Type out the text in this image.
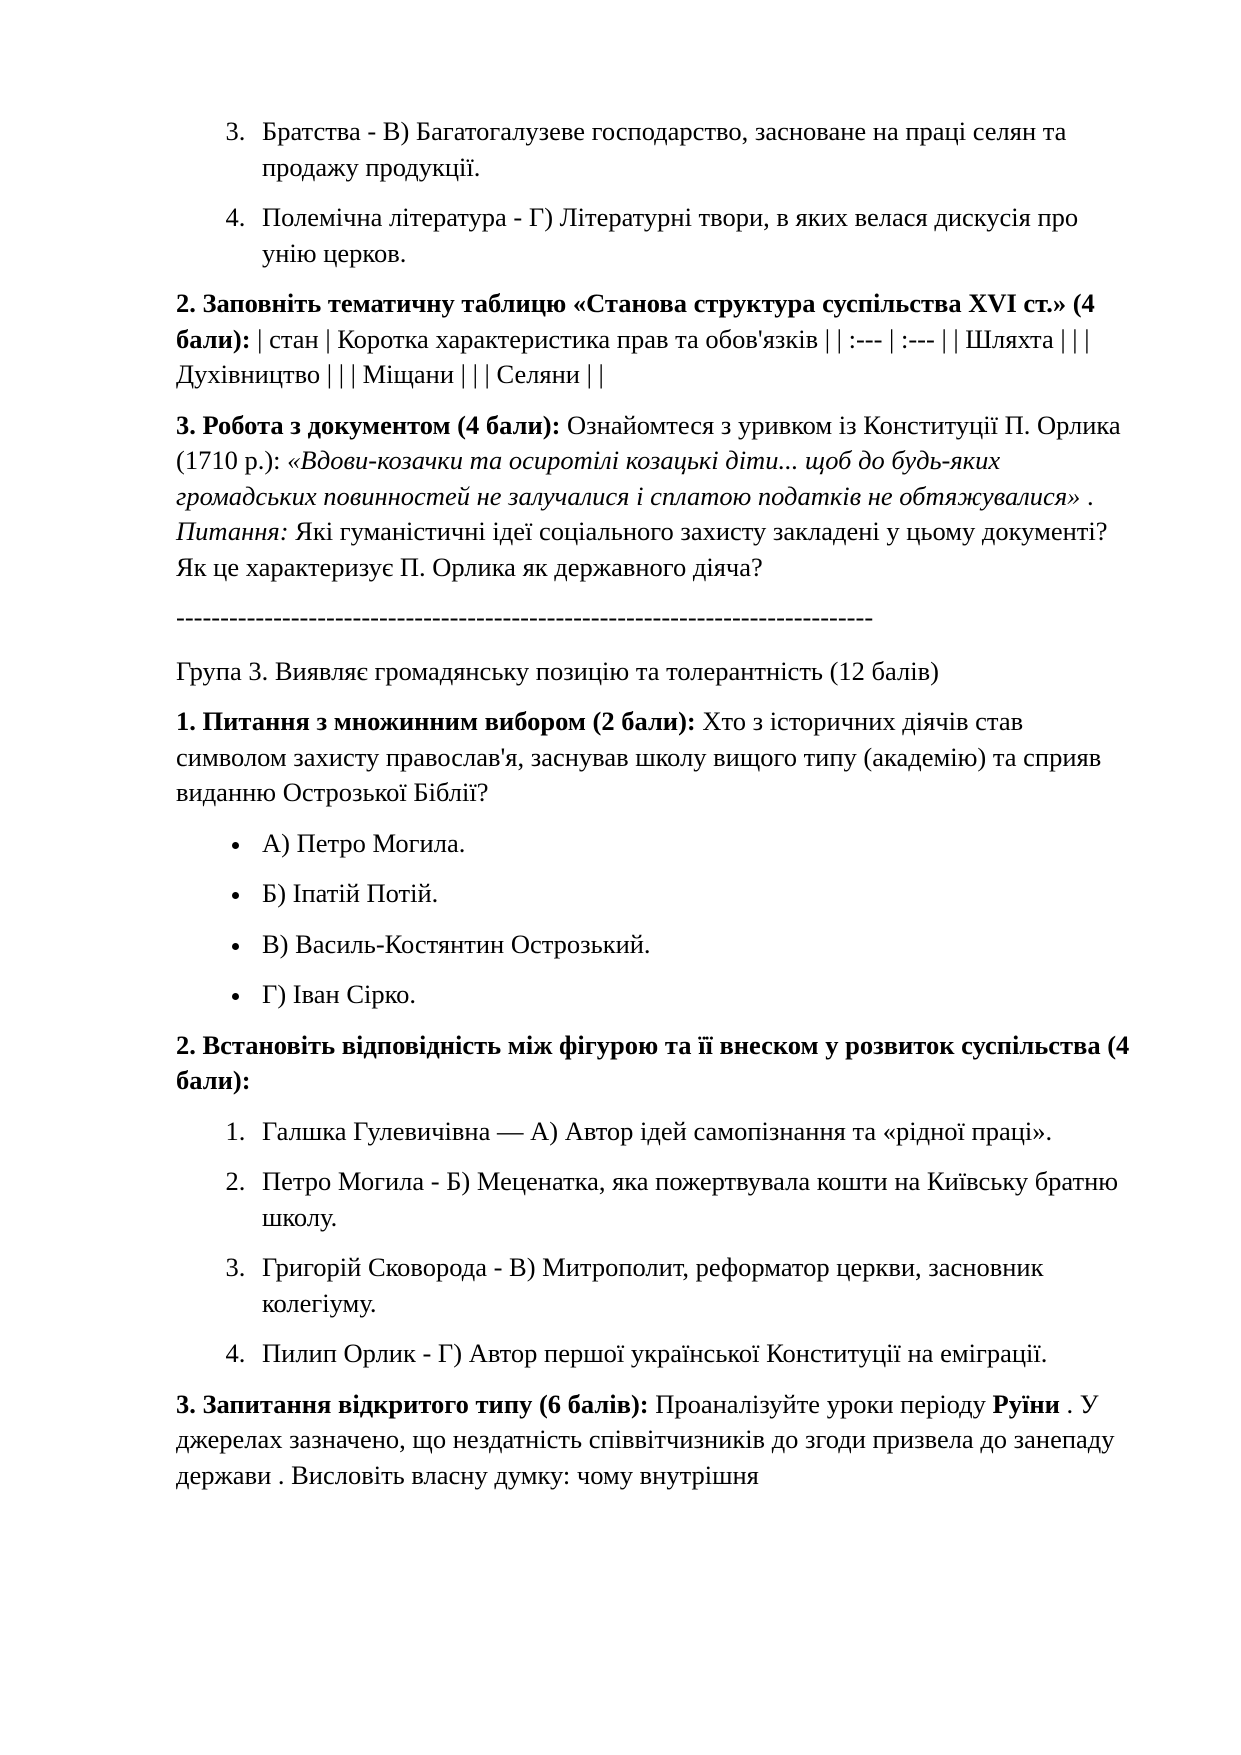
3. Братства - В) Багатогалузеве господарство, засноване на праці селян та продажу продукції.
4. Полемічна література - Г) Літературні твори, в яких велася дискусія про унію церков.

2. Заповніть тематичну таблицю «Станова структура суспільства XVI ст.» (4 бали): | стан | Коротка характеристика прав та обов'язків | | :--- | :--- | | Шляхта | | | Духівництво | | | Міщани | | | Селяни | |

3. Робота з документом (4 бали): Ознайомтеся з уривком із Конституції П. Орлика (1710 р.): «Вдови-козачки та осиротілі козацькі діти... щоб до будь-яких громадських повинностей не залучалися і сплатою податків не обтяжувалися» . Питання: Які гуманістичні ідеї соціального захисту закладені у цьому документі? Як це характеризує П. Орлика як державного діяча?

-------------------------------------------------------------------------------

Група 3. Виявляє громадянську позицію та толерантність (12 балів)

1. Питання з множинним вибором (2 бали): Хто з історичних діячів став символом захисту православ'я, заснував школу вищого типу (академію) та сприяв виданню Острозької Біблії?

• А) Петро Могила.
• Б) Іпатій Потій.
• В) Василь-Костянтин Острозький.
• Г) Іван Сірко.

2. Встановіть відповідність між фігурою та її внеском у розвиток суспільства (4 бали):

1. Галшка Гулевичівна — А) Автор ідей самопізнання та «рідної праці».
2. Петро Могила - Б) Меценатка, яка пожертвувала кошти на Київську братню школу.
3. Григорій Сковорода - В) Митрополит, реформатор церкви, засновник колегіуму.
4. Пилип Орлик - Г) Автор першої української Конституції на еміграції.

3. Запитання відкритого типу (6 балів): Проаналізуйте уроки періоду Руїни . У джерелах зазначено, що нездатність співвітчизників до згоди призвела до занепаду держави . Висловіть власну думку: чому внутрішня
